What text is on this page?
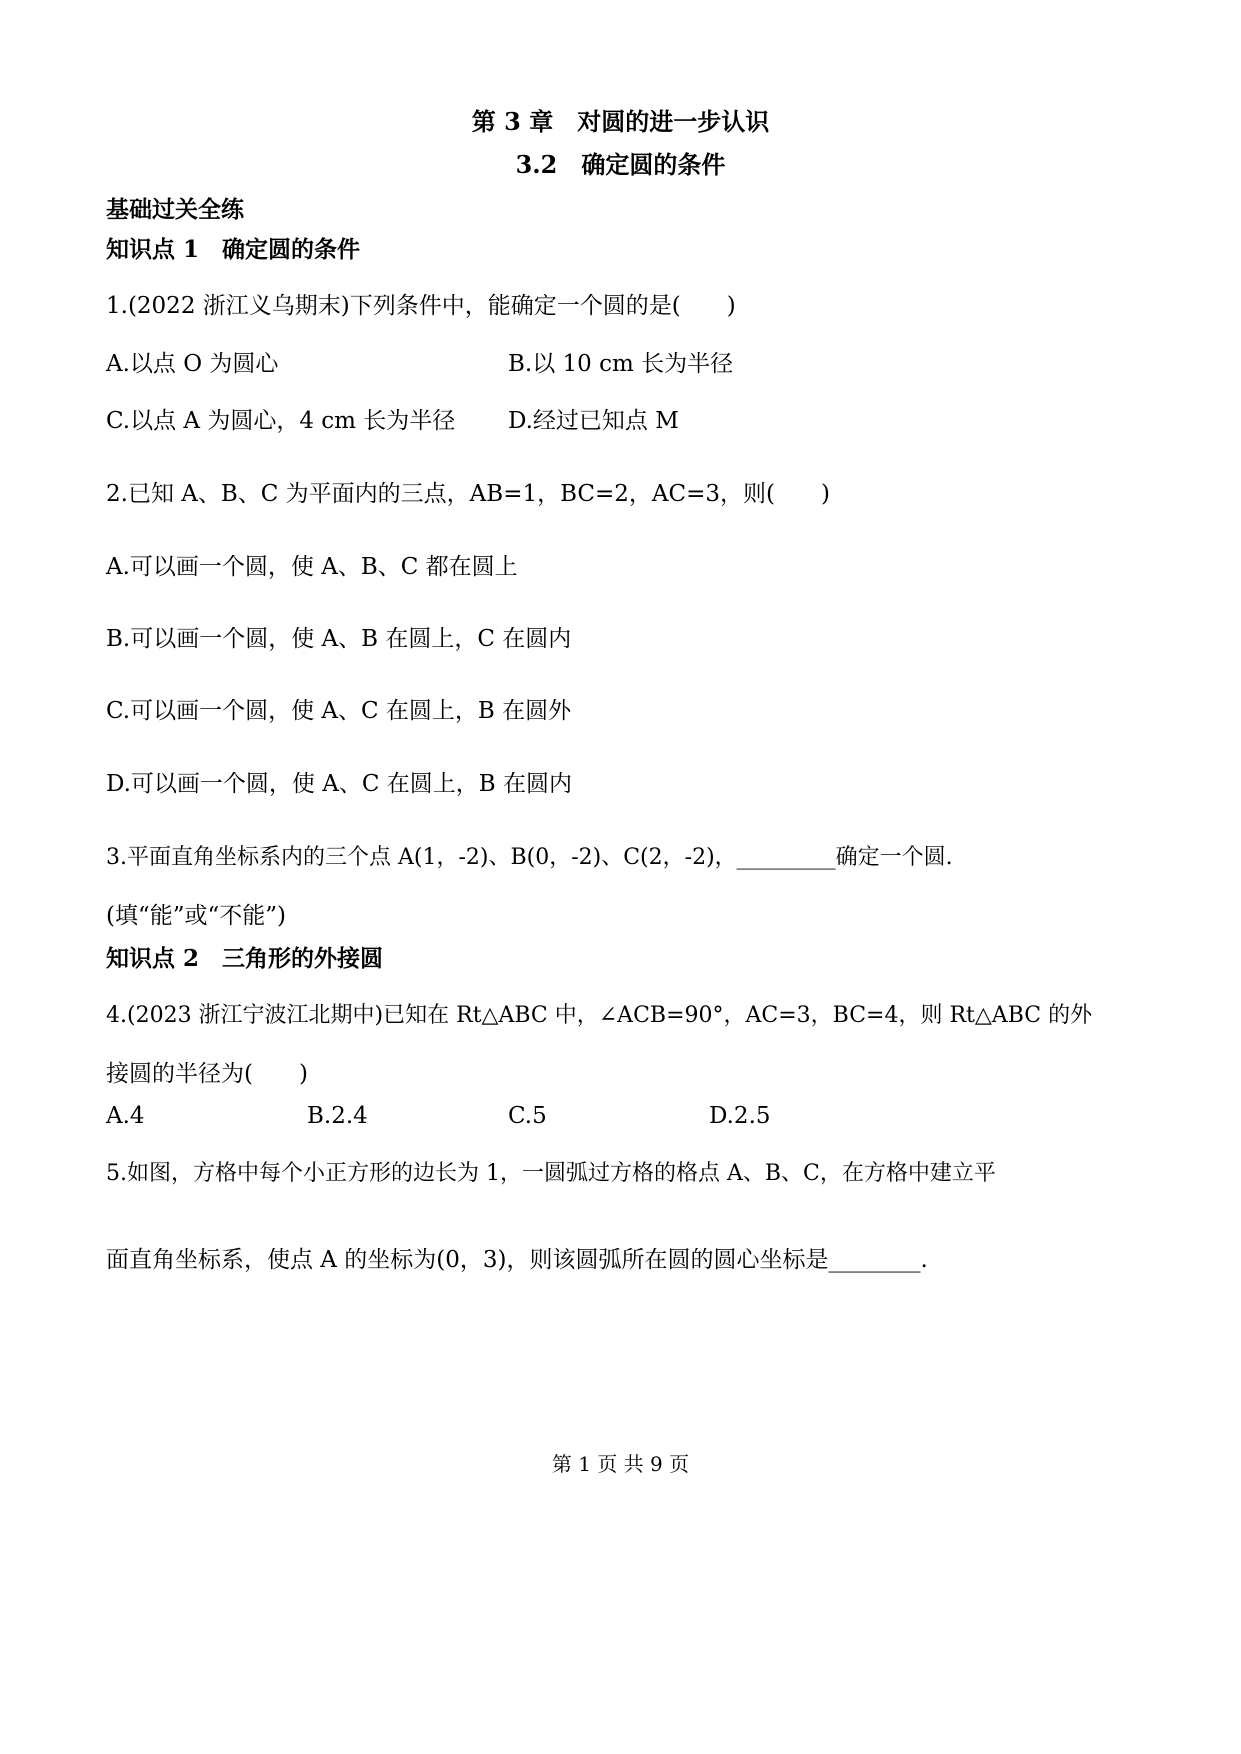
第 3 章　对圆的进一步认识
3.2　确定圆的条件
基础过关全练
知识点 1　确定圆的条件
1.(2022 浙江义乌期末)下列条件中，能确定一个圆的是(　　)
A.以点 O 为圆心	B.以 10 cm 长为半径
C.以点 A 为圆心，4 cm 长为半径 D.经过已知点 M
2.已知 A、B、C 为平面内的三点，AB=1，BC=2，AC=3，则(　　)
A.可以画一个圆，使 A、B、C 都在圆上
B.可以画一个圆，使 A、B 在圆上，C 在圆内
C.可以画一个圆，使 A、C 在圆上，B 在圆外
D.可以画一个圆，使 A、C 在圆上，B 在圆内
3.平面直角坐标系内的三个点 A(1，-2)、B(0，-2)、C(2，-2)，_________确定一个圆.
(填“能”或“不能”)
知识点 2　三角形的外接圆
4.(2023 浙江宁波江北期中)已知在 Rt△ABC 中，∠ACB=90°，AC=3，BC=4，则 Rt△ABC 的外
接圆的半径为(　　)
A.4	B.2.4	C.5	D.2.5
5.如图，方格中每个小正方形的边长为 1，一圆弧过方格的格点 A、B、C，在方格中建立平
面直角坐标系，使点 A 的坐标为(0，3)，则该圆弧所在圆的圆心坐标是________.
第 1 页 共 9 页
